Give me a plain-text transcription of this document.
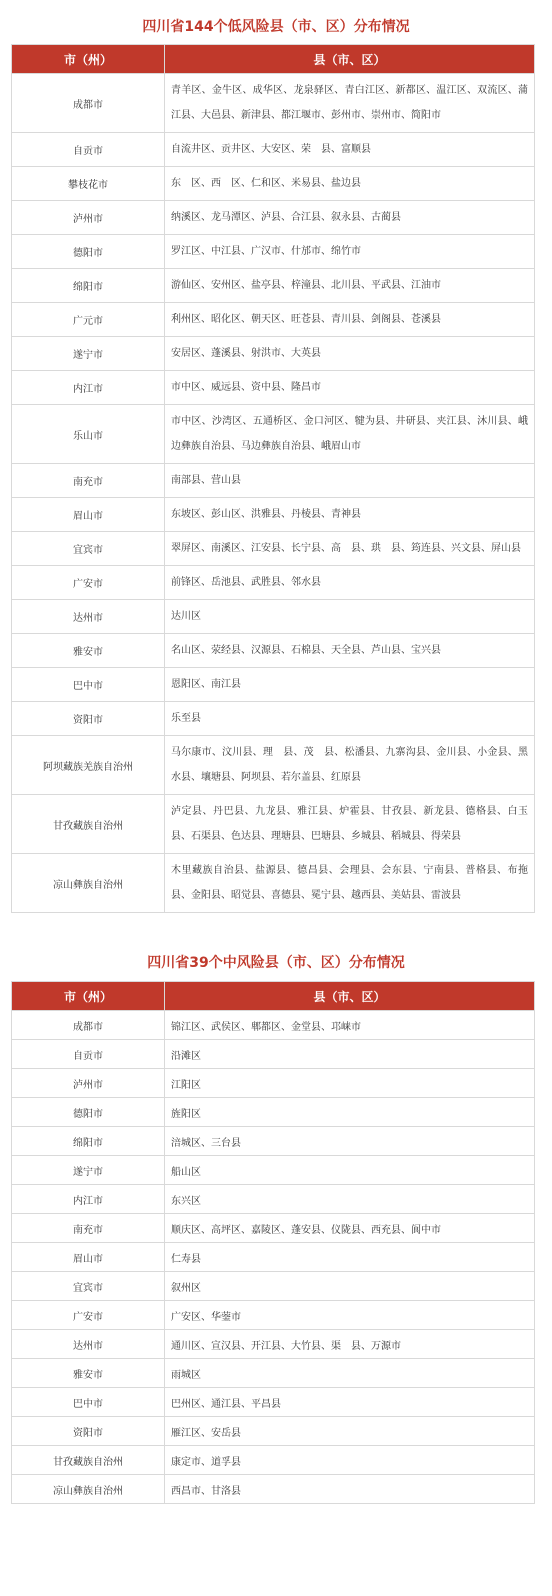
四川省144个低风险县（市、区）分布情况
市（州）	县（市、区）
成都市	青羊区、金牛区、成华区、龙泉驿区、青白江区、新都区、温江区、双流区、蒲江县、大邑县、新津县、都江堰市、彭州市、崇州市、简阳市
自贡市	自流井区、贡井区、大安区、荣　县、富顺县
攀枝花市	东　区、西　区、仁和区、米易县、盐边县
泸州市	纳溪区、龙马潭区、泸县、合江县、叙永县、古蔺县
德阳市	罗江区、中江县、广汉市、什邡市、绵竹市
绵阳市	游仙区、安州区、盐亭县、梓潼县、北川县、平武县、江油市
广元市	利州区、昭化区、朝天区、旺苍县、青川县、剑阁县、苍溪县
遂宁市	安居区、蓬溪县、射洪市、大英县
内江市	市中区、威远县、资中县、隆昌市
乐山市	市中区、沙湾区、五通桥区、金口河区、犍为县、井研县、夹江县、沐川县、峨边彝族自治县、马边彝族自治县、峨眉山市
南充市	南部县、营山县
眉山市	东坡区、彭山区、洪雅县、丹棱县、青神县
宜宾市	翠屏区、南溪区、江安县、长宁县、高　县、珙　县、筠连县、兴文县、屏山县
广安市	前锋区、岳池县、武胜县、邻水县
达州市	达川区
雅安市	名山区、荥经县、汉源县、石棉县、天全县、芦山县、宝兴县
巴中市	恩阳区、南江县
资阳市	乐至县
阿坝藏族羌族自治州	马尔康市、汶川县、理　县、茂　县、松潘县、九寨沟县、金川县、小金县、黑水县、壤塘县、阿坝县、若尔盖县、红原县
甘孜藏族自治州	泸定县、丹巴县、九龙县、雅江县、炉霍县、甘孜县、新龙县、德格县、白玉县、石渠县、色达县、理塘县、巴塘县、乡城县、稻城县、得荣县
凉山彝族自治州	木里藏族自治县、盐源县、德昌县、会理县、会东县、宁南县、普格县、布拖县、金阳县、昭觉县、喜德县、冕宁县、越西县、美姑县、雷波县
四川省39个中风险县（市、区）分布情况
市（州）	县（市、区）
成都市	锦江区、武侯区、郫都区、金堂县、邛崃市
自贡市	沿滩区
泸州市	江阳区
德阳市	旌阳区
绵阳市	涪城区、三台县
遂宁市	船山区
内江市	东兴区
南充市	顺庆区、高坪区、嘉陵区、蓬安县、仪陇县、西充县、阆中市
眉山市	仁寿县
宜宾市	叙州区
广安市	广安区、华蓥市
达州市	通川区、宣汉县、开江县、大竹县、渠　县、万源市
雅安市	雨城区
巴中市	巴州区、通江县、平昌县
资阳市	雁江区、安岳县
甘孜藏族自治州	康定市、道孚县
凉山彝族自治州	西昌市、甘洛县
